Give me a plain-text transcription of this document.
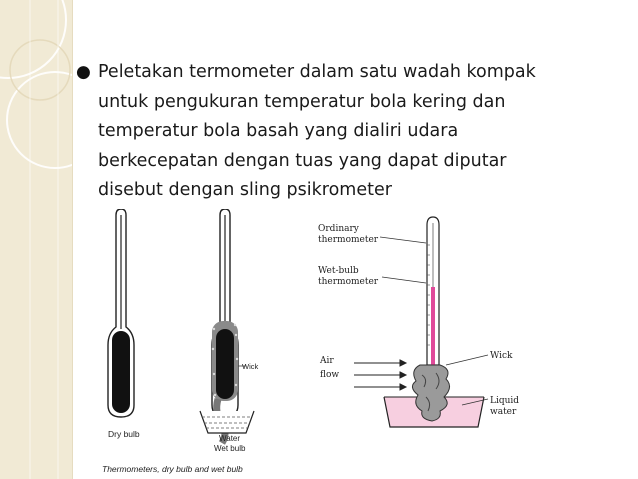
● Peletakan termometer dalam satu wadah kompak
untuk pengukuran temperatur bola kering dan
temperatur bola basah yang dialiri udara
berkecepatan dengan tuas yang dapat diputar
disebut dengan sling psikrometer

Dry bulb
Wick
Water
Wet bulb
Thermometers, dry bulb and wet bulb
Ordinary
thermometer
Wet-bulb
thermometer
Air
flow
Wick
Liquid
water
